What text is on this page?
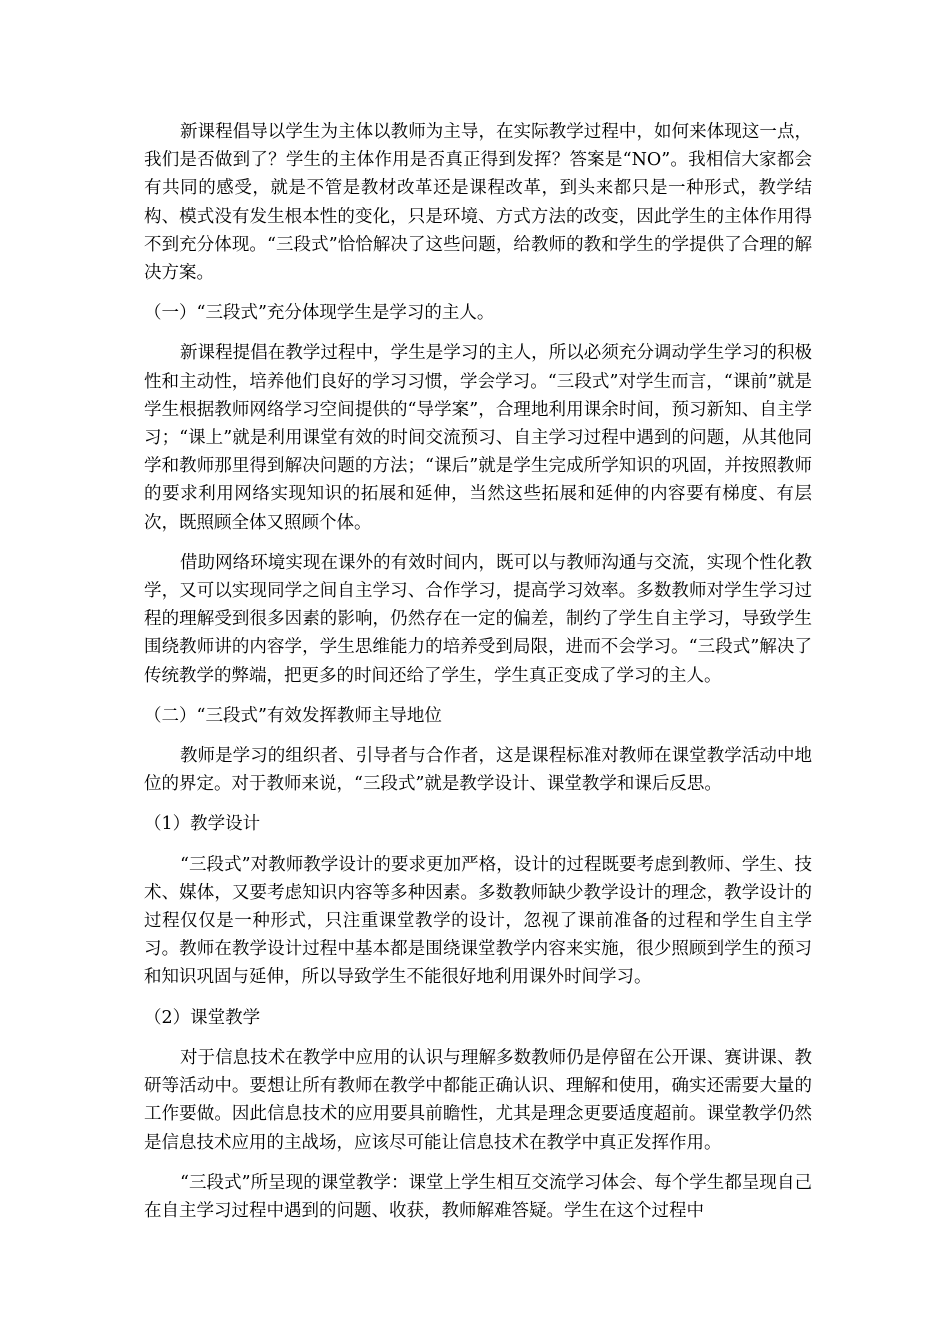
新课程倡导以学生为主体以教师为主导，在实际教学过程中，如何来体现这一点，我们是否做到了？学生的主体作用是否真正得到发挥？答案是“NO”。我相信大家都会有共同的感受，就是不管是教材改革还是课程改革，到头来都只是一种形式，教学结构、模式没有发生根本性的变化，只是环境、方式方法的改变，因此学生的主体作用得不到充分体现。“三段式”恰恰解决了这些问题，给教师的教和学生的学提供了合理的解决方案。

（一）“三段式”充分体现学生是学习的主人。

新课程提倡在教学过程中，学生是学习的主人，所以必须充分调动学生学习的积极性和主动性，培养他们良好的学习习惯，学会学习。“三段式”对学生而言，“课前”就是学生根据教师网络学习空间提供的“导学案”，合理地利用课余时间，预习新知、自主学习；“课上”就是利用课堂有效的时间交流预习、自主学习过程中遇到的问题，从其他同学和教师那里得到解决问题的方法；“课后”就是学生完成所学知识的巩固，并按照教师的要求利用网络实现知识的拓展和延伸，当然这些拓展和延伸的内容要有梯度、有层次，既照顾全体又照顾个体。

借助网络环境实现在课外的有效时间内，既可以与教师沟通与交流，实现个性化教学，又可以实现同学之间自主学习、合作学习，提高学习效率。多数教师对学生学习过程的理解受到很多因素的影响，仍然存在一定的偏差，制约了学生自主学习，导致学生围绕教师讲的内容学，学生思维能力的培养受到局限，进而不会学习。“三段式”解决了传统教学的弊端，把更多的时间还给了学生，学生真正变成了学习的主人。

（二）“三段式”有效发挥教师主导地位

教师是学习的组织者、引导者与合作者，这是课程标准对教师在课堂教学活动中地位的界定。对于教师来说，“三段式”就是教学设计、课堂教学和课后反思。

（1）教学设计

“三段式”对教师教学设计的要求更加严格，设计的过程既要考虑到教师、学生、技术、媒体，又要考虑知识内容等多种因素。多数教师缺少教学设计的理念，教学设计的过程仅仅是一种形式，只注重课堂教学的设计，忽视了课前准备的过程和学生自主学习。教师在教学设计过程中基本都是围绕课堂教学内容来实施，很少照顾到学生的预习和知识巩固与延伸，所以导致学生不能很好地利用课外时间学习。

（2）课堂教学

对于信息技术在教学中应用的认识与理解多数教师仍是停留在公开课、赛讲课、教研等活动中。要想让所有教师在教学中都能正确认识、理解和使用，确实还需要大量的工作要做。因此信息技术的应用要具前瞻性，尤其是理念更要适度超前。课堂教学仍然是信息技术应用的主战场，应该尽可能让信息技术在教学中真正发挥作用。

“三段式”所呈现的课堂教学：课堂上学生相互交流学习体会、每个学生都呈现自己在自主学习过程中遇到的问题、收获，教师解难答疑。学生在这个过程中
